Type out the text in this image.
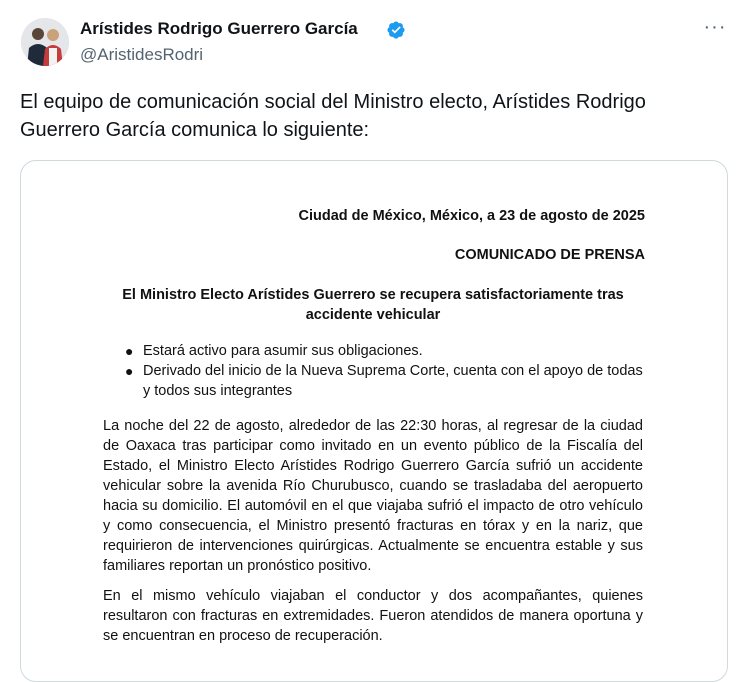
Arístides Rodrigo Guerrero García
@AristidesRodri
···
El equipo de comunicación social del Ministro electo, Arístides Rodrigo Guerrero García comunica lo siguiente:
Ciudad de México, México, a 23 de agosto de 2025
COMUNICADO DE PRENSA
El Ministro Electo Arístides Guerrero se recupera satisfactoriamente tras accidente vehicular
● Estará activo para asumir sus obligaciones.
● Derivado del inicio de la Nueva Suprema Corte, cuenta con el apoyo de todas y todos sus integrantes
La noche del 22 de agosto, alrededor de las 22:30 horas, al regresar de la ciudad de Oaxaca tras participar como invitado en un evento público de la Fiscalía del Estado, el Ministro Electo Arístides Rodrigo Guerrero García sufrió un accidente vehicular sobre la avenida Río Churubusco, cuando se trasladaba del aeropuerto hacia su domicilio. El automóvil en el que viajaba sufrió el impacto de otro vehículo y como consecuencia, el Ministro presentó fracturas en tórax y en la nariz, que requirieron de intervenciones quirúrgicas. Actualmente se encuentra estable y sus familiares reportan un pronóstico positivo.
En el mismo vehículo viajaban el conductor y dos acompañantes, quienes resultaron con fracturas en extremidades. Fueron atendidos de manera oportuna y se encuentran en proceso de recuperación.
